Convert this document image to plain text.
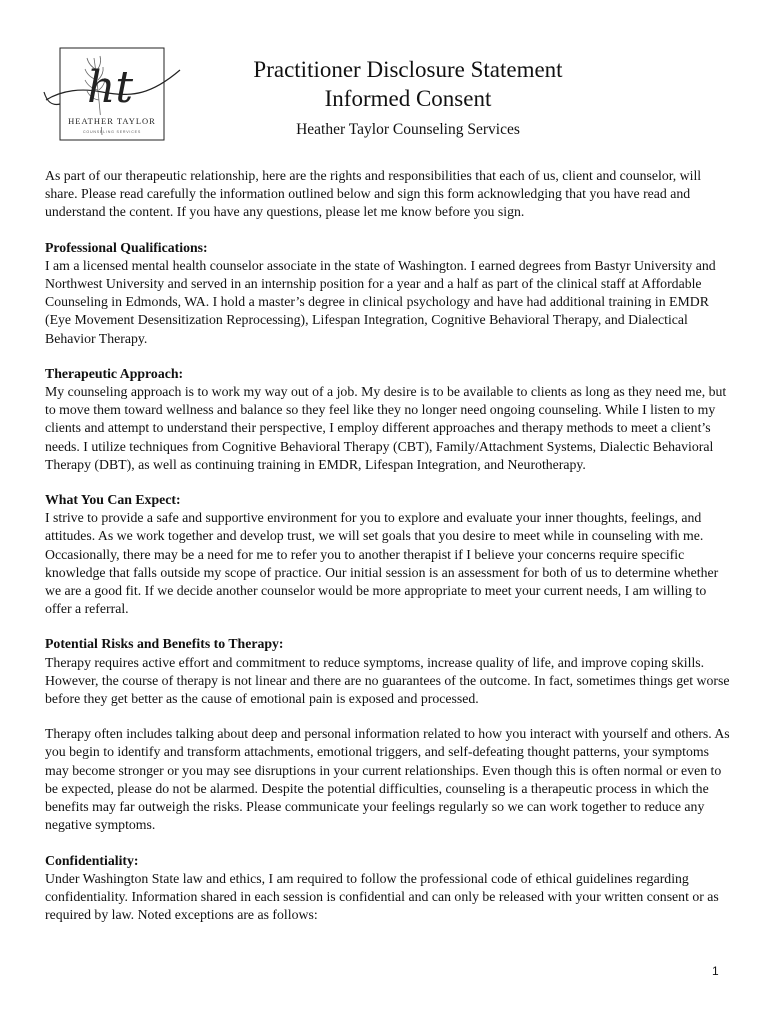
ht
HEATHER TAYLOR
COUNSELING SERVICES
Practitioner Disclosure Statement
Informed Consent
Heather Taylor Counseling Services

As part of our therapeutic relationship, here are the rights and responsibilities that each of us, client and counselor, will share. Please read carefully the information outlined below and sign this form acknowledging that you have read and understand the content. If you have any questions, please let me know before you sign.

Professional Qualifications:

I am a licensed mental health counselor associate in the state of Washington. I earned degrees from Bastyr University and Northwest University and served in an internship position for a year and a half as part of the clinical staff at Affordable Counseling in Edmonds, WA. I hold a master’s degree in clinical psychology and have had additional training in EMDR (Eye Movement Desensitization Reprocessing), Lifespan Integration, Cognitive Behavioral Therapy, and Dialectical Behavior Therapy.

Therapeutic Approach:

My counseling approach is to work my way out of a job. My desire is to be available to clients as long as they need me, but to move them toward wellness and balance so they feel like they no longer need ongoing counseling. While I listen to my clients and attempt to understand their perspective, I employ different approaches and therapy methods to meet a client’s needs. I utilize techniques from Cognitive Behavioral Therapy (CBT), Family/Attachment Systems, Dialectic Behavioral Therapy (DBT), as well as continuing training in EMDR, Lifespan Integration, and Neurotherapy.

What You Can Expect:

I strive to provide a safe and supportive environment for you to explore and evaluate your inner thoughts, feelings, and attitudes. As we work together and develop trust, we will set goals that you desire to meet while in counseling with me. Occasionally, there may be a need for me to refer you to another therapist if I believe your concerns require specific knowledge that falls outside my scope of practice. Our initial session is an assessment for both of us to determine whether we are a good fit. If we decide another counselor would be more appropriate to meet your current needs, I am willing to offer a referral.

Potential Risks and Benefits to Therapy:

Therapy requires active effort and commitment to reduce symptoms, increase quality of life, and improve coping skills. However, the course of therapy is not linear and there are no guarantees of the outcome. In fact, sometimes things get worse before they get better as the cause of emotional pain is exposed and processed.

Therapy often includes talking about deep and personal information related to how you interact with yourself and others. As you begin to identify and transform attachments, emotional triggers, and self-defeating thought patterns, your symptoms may become stronger or you may see disruptions in your current relationships. Even though this is often normal or even to be expected, please do not be alarmed. Despite the potential difficulties, counseling is a therapeutic process in which the benefits may far outweigh the risks. Please communicate your feelings regularly so we can work together to reduce any negative symptoms.

Confidentiality:

Under Washington State law and ethics, I am required to follow the professional code of ethical guidelines regarding confidentiality. Information shared in each session is confidential and can only be released with your written consent or as required by law. Noted exceptions are as follows:

1
